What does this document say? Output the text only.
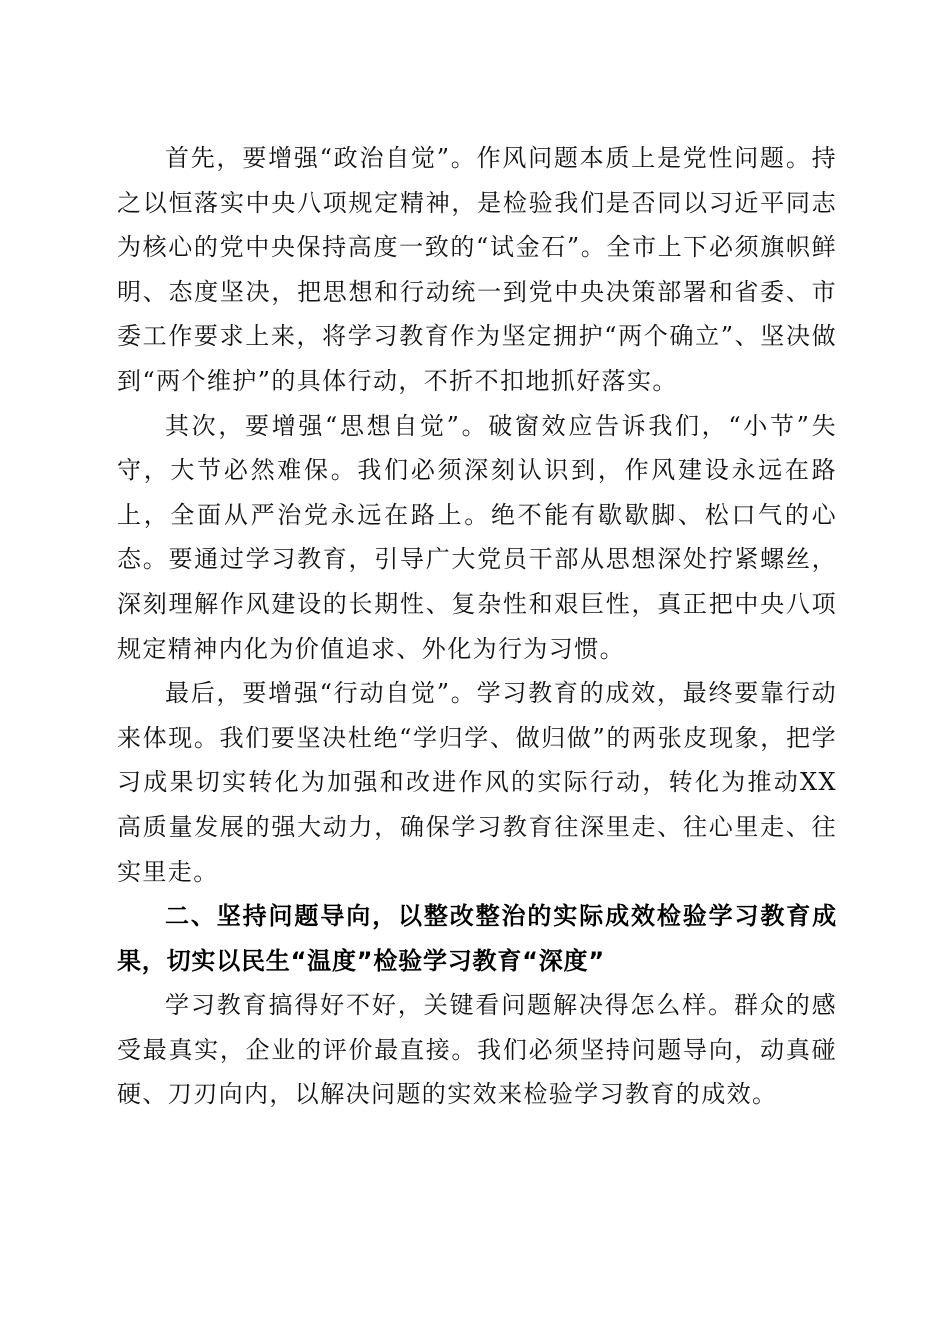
首先，要增强“政治自觉”。作风问题本质上是党性问题。持之以恒落实中央八项规定精神，是检验我们是否同以习近平同志为核心的党中央保持高度一致的“试金石”。全市上下必须旗帜鲜明、态度坚决，把思想和行动统一到党中央决策部署和省委、市委工作要求上来，将学习教育作为坚定拥护“两个确立”、坚决做到“两个维护”的具体行动，不折不扣地抓好落实。

其次，要增强“思想自觉”。破窗效应告诉我们，“小节”失守，大节必然难保。我们必须深刻认识到，作风建设永远在路上，全面从严治党永远在路上。绝不能有歇歇脚、松口气的心态。要通过学习教育，引导广大党员干部从思想深处拧紧螺丝，深刻理解作风建设的长期性、复杂性和艰巨性，真正把中央八项规定精神内化为价值追求、外化为行为习惯。

最后，要增强“行动自觉”。学习教育的成效，最终要靠行动来体现。我们要坚决杜绝“学归学、做归做”的两张皮现象，把学习成果切实转化为加强和改进作风的实际行动，转化为推动XX高质量发展的强大动力，确保学习教育往深里走、往心里走、往实里走。

二、坚持问题导向，以整改整治的实际成效检验学习教育成果，切实以民生“温度”检验学习教育“深度”

学习教育搞得好不好，关键看问题解决得怎么样。群众的感受最真实，企业的评价最直接。我们必须坚持问题导向，动真碰硬、刀刃向内，以解决问题的实效来检验学习教育的成效。
